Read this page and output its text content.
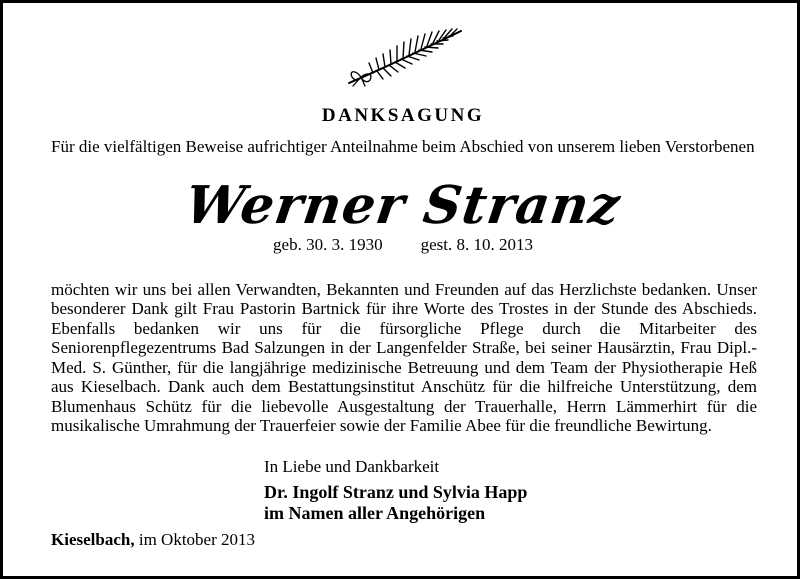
DANKSAGUNG
Für die vielfältigen Beweise aufrichtiger Anteilnahme beim Abschied von unserem lieben Verstorbenen
Werner Stranz
geb. 30. 3. 1930 gest. 8. 10. 2013
möchten wir uns bei allen Verwandten, Bekannten und Freunden auf das Herzlichste bedanken. Unser besonderer Dank gilt Frau Pastorin Bartnick für ihre Worte des Trostes in der Stunde des Abschieds. Ebenfalls bedanken wir uns für die fürsorgliche Pflege durch die Mitarbeiter des Seniorenpflegezentrums Bad Salzungen in der Langenfelder Straße, bei seiner Hausärztin, Frau Dipl.-Med. S. Günther, für die langjährige medizinische Betreuung und dem Team der Physiotherapie Heß aus Kieselbach. Dank auch dem Bestattungsinstitut Anschütz für die hilfreiche Unterstützung, dem Blumenhaus Schütz für die liebevolle Ausgestaltung der Trauerhalle, Herrn Lämmerhirt für die musikalische Umrahmung der Trauerfeier sowie der Familie Abee für die freundliche Bewirtung.
In Liebe und Dankbarkeit
Dr. Ingolf Stranz und Sylvia Happ
im Namen aller Angehörigen
Kieselbach, im Oktober 2013
